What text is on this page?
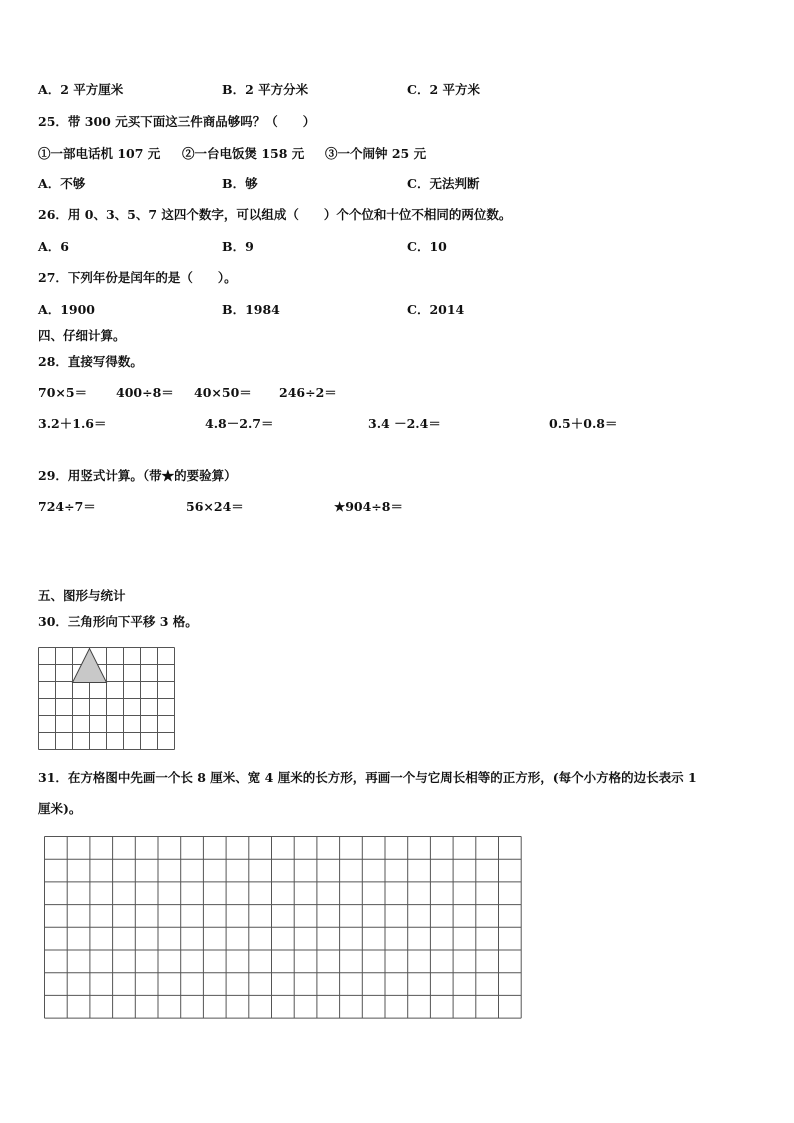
A．2 平方厘米	B．2 平方分米	C．2 平方米
25．带 300 元买下面这三件商品够吗？（　　）
①一部电话机 107 元 ②一台电饭煲 158 元 ③一个闹钟 25 元
A．不够	B．够	C．无法判断
26．用 0、3、5、7 这四个数字，可以组成（　　）个个位和十位不相同的两位数。
A．6	B．9	C．10
27．下列年份是闰年的是（　　）。
A．1900	B．1984	C．2014
四、仔细计算。
28．直接写得数。
70×5＝ 400÷8＝ 40×50＝ 246÷2＝
3.2＋1.6＝	4.8－2.7＝	3.4 －2.4＝	0.5＋0.8＝
29．用竖式计算。（带★的要验算）
724÷7＝	56×24＝	★904÷8＝
五、图形与统计
30．三角形向下平移 3 格。
31．在方格图中先画一个长 8 厘米、宽 4 厘米的长方形，再画一个与它周长相等的正方形，(每个小方格的边长表示 1
厘米)。
